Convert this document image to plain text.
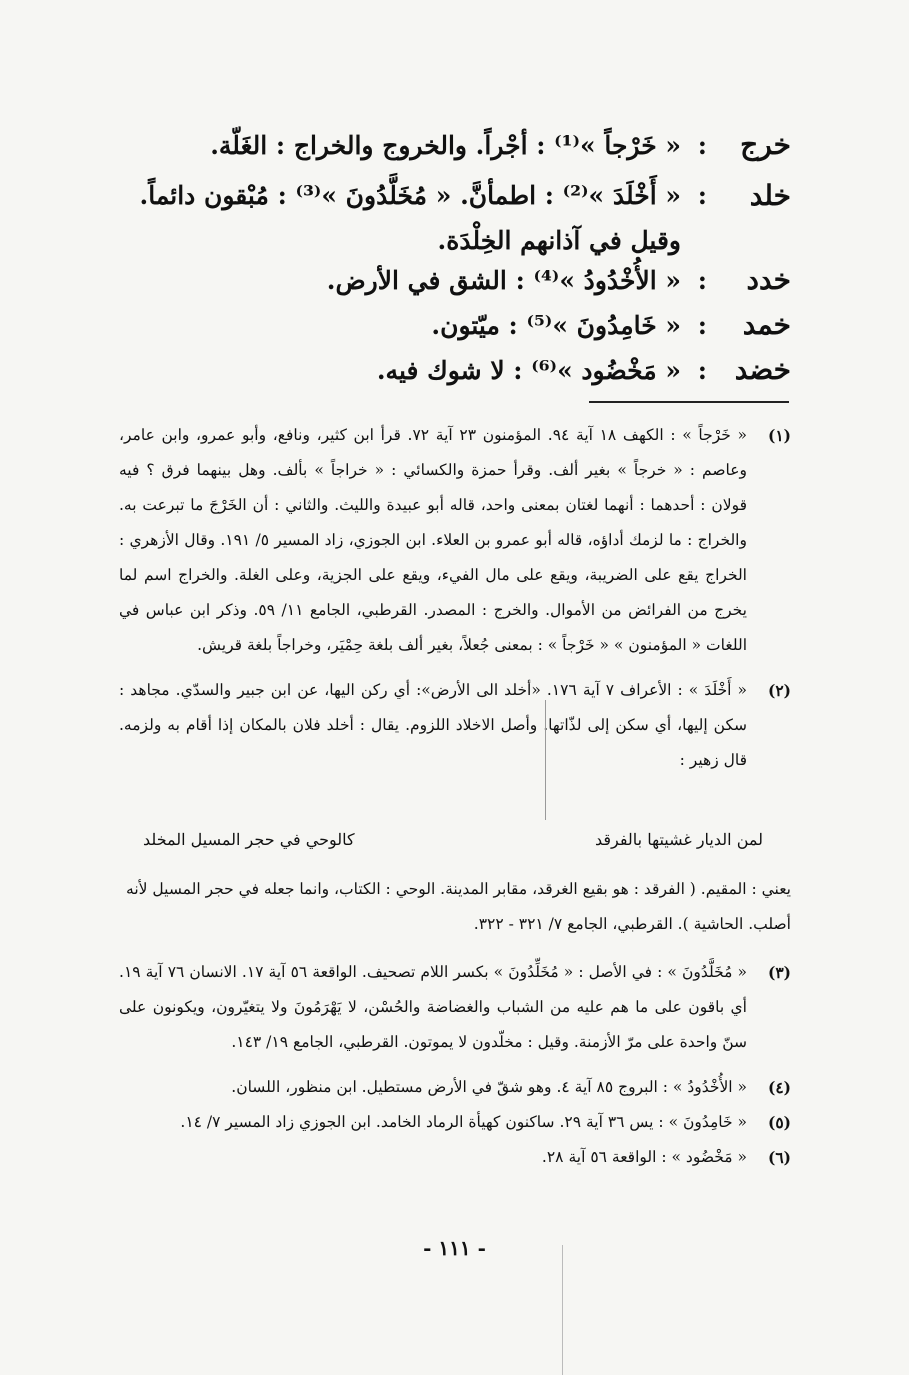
خرج
:
« خَرْجاً »⁽¹⁾ : أجْراً. والخروج والخراج : الغَلّة.
خلد
:
« أَخْلَدَ »⁽²⁾ : اطمأنَّ. « مُخَلَّدُونَ »⁽³⁾ : مُبْقون دائماً. وقيل في آذانهم الخِلْدَة.
خدد
:
« الأُخْدُودُ »⁽⁴⁾ : الشق في الأرض.
خمد
:
« خَامِدُونَ »⁽⁵⁾ : ميّتون.
خضد
:
« مَخْضُود »⁽⁶⁾ : لا شوك فيه.
(١)
« خَرْجاً » : الكهف ١٨ آية ٩٤. المؤمنون ٢٣ آية ٧٢. قرأ ابن كثير، ونافع، وأبو عمرو، وابن عامر، وعاصم : « خرجاً » بغير ألف. وقرأ حمزة والكسائي : « خراجاً » بألف. وهل بينهما فرق ؟ فيه قولان : أحدهما : أنهما لغتان بمعنى واحد، قاله أبو عبيدة والليث. والثاني : أن الخَرْجَ ما تبرعت به. والخراج : ما لزمك أداؤه، قاله أبو عمرو بن العلاء. ابن الجوزي، زاد المسير ٥/ ١٩١. وقال الأزهري : الخراج يقع على الضريبة، ويقع على مال الفيء، ويقع على الجزية، وعلى الغلة. والخراج اسم لما يخرج من الفرائض من الأموال. والخرج : المصدر. القرطبي، الجامع ١١/ ٥٩. وذكر ابن عباس في اللغات « المؤمنون » « خَرْجاً » : بمعنى جُعلاً، بغير ألف بلغة حِمْيَر، وخراجاً بلغة قريش.
(٢)
« أَخْلَدَ » : الأعراف ٧ آية ١٧٦. «أخلد الى الأرض»: أي ركن اليها، عن ابن جبير والسدّي. مجاهد : سكن إليها، أي سكن إلى لذّاتها. وأصل الاخلاد اللزوم. يقال : أخلد فلان بالمكان إذا أقام به ولزمه. قال زهير :
لمن الديار غشيتها بالفرقد
كالوحي في حجر المسيل المخلد
يعني : المقيم. ( الفرقد : هو بقيع الغرقد، مقابر المدينة. الوحي : الكتاب، وانما جعله في حجر المسيل لأنه أصلب. الحاشية ). القرطبي، الجامع ٧/ ٣٢١ - ٣٢٢.
(٣)
« مُخَلَّدُونَ » : في الأصل : « مُخَلِّدُونَ » بكسر اللام تصحيف. الواقعة ٥٦ آية ١٧. الانسان ٧٦ آية ١٩. أي باقون على ما هم عليه من الشباب والغضاضة والحُسْن، لا يَهْرَمُونَ ولا يتغيّرون، ويكونون على سنّ واحدة على مرّ الأزمنة. وقيل : مخلّدون لا يموتون. القرطبي، الجامع ١٩/ ١٤٣.
(٤)
« الأُخْدُودُ » : البروج ٨٥ آية ٤. وهو شقّ في الأرض مستطيل. ابن منظور، اللسان.
(٥)
« خَامِدُونَ » : يس ٣٦ آية ٢٩. ساكنون كهيأة الرماد الخامد. ابن الجوزي زاد المسير ٧/ ١٤.
(٦)
« مَخْضُود » : الواقعة ٥٦ آية ٢٨.
- ١١١ -
